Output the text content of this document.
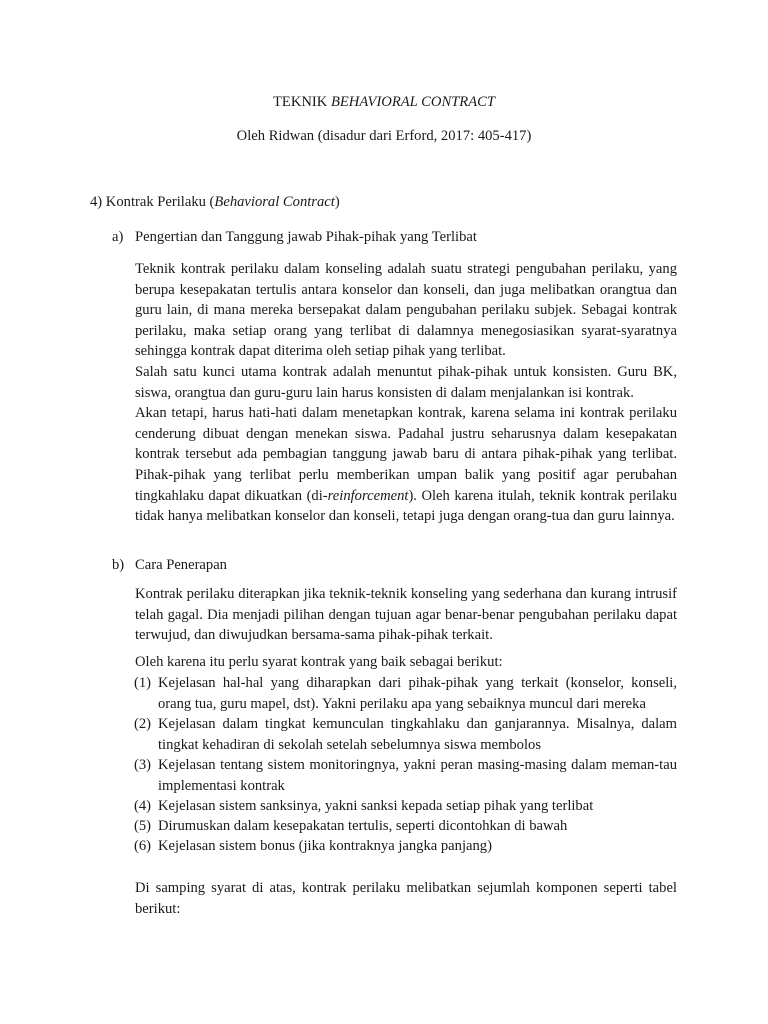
TEKNIK BEHAVIORAL CONTRACT
Oleh Ridwan (disadur dari Erford, 2017: 405-417)
4) Kontrak Perilaku (Behavioral Contract)
a) Pengertian dan Tanggung jawab Pihak-pihak yang Terlibat

Teknik kontrak perilaku dalam konseling adalah suatu strategi pengubahan perilaku, yang berupa kesepakatan tertulis antara konselor dan konseli, dan juga melibatkan orangtua dan guru lain, di mana mereka bersepakat dalam pengubahan perilaku subjek. Sebagai kontrak perilaku, maka setiap orang yang terlibat di dalamnya menegosiasikan syarat-syaratnya sehingga kontrak dapat diterima oleh setiap pihak yang terlibat.

Salah satu kunci utama kontrak adalah menuntut pihak-pihak untuk konsisten. Guru BK, siswa, orangtua dan guru-guru lain harus konsisten di dalam menjalankan isi kontrak.

Akan tetapi, harus hati-hati dalam menetapkan kontrak, karena selama ini kontrak perilaku cenderung dibuat dengan menekan siswa. Padahal justru seharusnya dalam kesepakatan kontrak tersebut ada pembagian tanggung jawab baru di antara pihak-pihak yang terlibat. Pihak-pihak yang terlibat perlu memberikan umpan balik yang positif agar perubahan tingkahlaku dapat dikuatkan (di-reinforcement). Oleh karena itulah, teknik kontrak perilaku tidak hanya melibatkan konselor dan konseli, tetapi juga dengan orang-tua dan guru lainnya.

b) Cara Penerapan
Kontrak perilaku diterapkan jika teknik-teknik konseling yang sederhana dan kurang intrusif telah gagal. Dia menjadi pilihan dengan tujuan agar benar-benar pengubahan perilaku dapat terwujud, dan diwujudkan bersama-sama pihak-pihak terkait.
Oleh karena itu perlu syarat kontrak yang baik sebagai berikut:
(1) Kejelasan hal-hal yang diharapkan dari pihak-pihak yang terkait (konselor, konseli, orang tua, guru mapel, dst). Yakni perilaku apa yang sebaiknya muncul dari mereka
(2) Kejelasan dalam tingkat kemunculan tingkahlaku dan ganjarannya. Misalnya, dalam tingkat kehadiran di sekolah setelah sebelumnya siswa membolos
(3) Kejelasan tentang sistem monitoringnya, yakni peran masing-masing dalam meman-tau implementasi kontrak
(4) Kejelasan sistem sanksinya, yakni sanksi kepada setiap pihak yang terlibat
(5) Dirumuskan dalam kesepakatan tertulis, seperti dicontohkan di bawah
(6) Kejelasan sistem bonus (jika kontraknya jangka panjang)
Di samping syarat di atas, kontrak perilaku melibatkan sejumlah komponen seperti tabel berikut:
